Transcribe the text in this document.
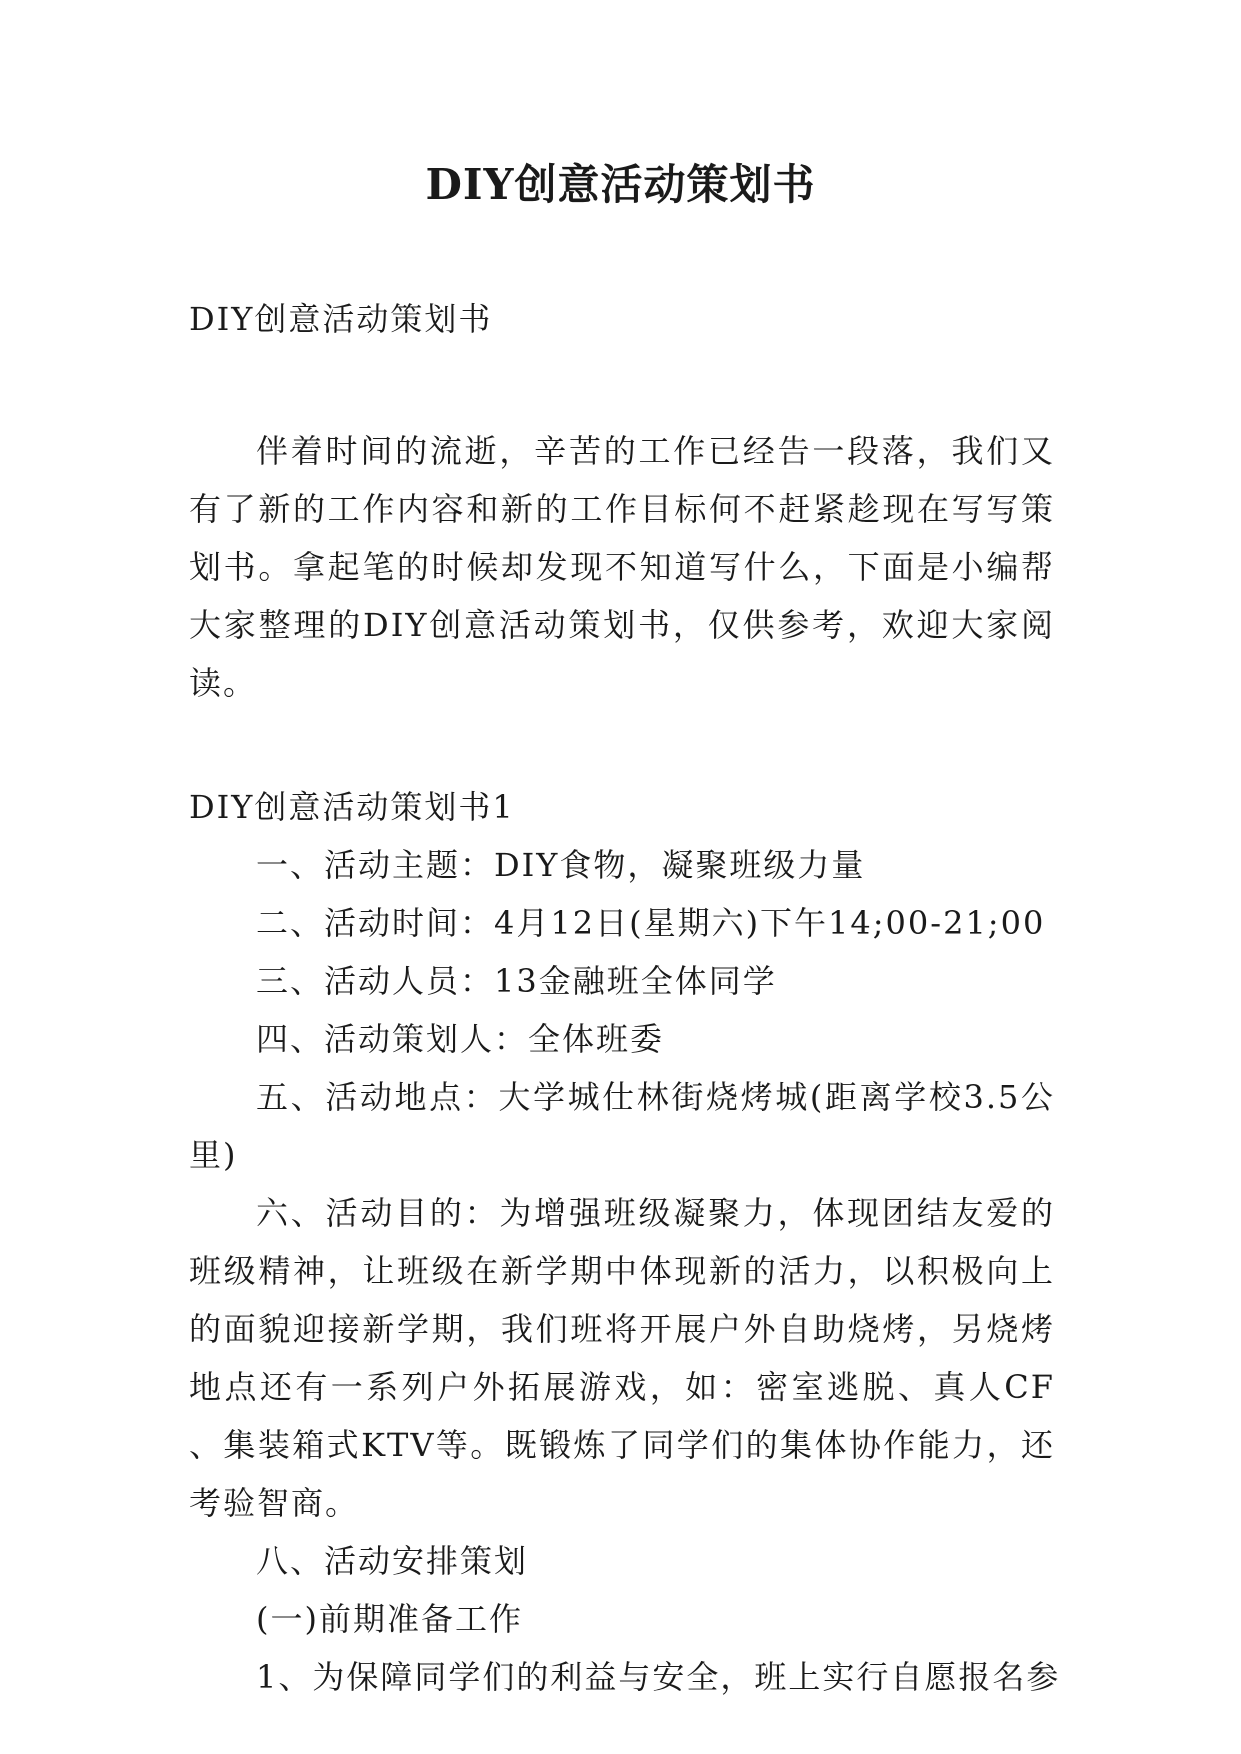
DIY创意活动策划书

DIY创意活动策划书

伴着时间的流逝，辛苦的工作已经告一段落，我们又有了新的工作内容和新的工作目标何不赶紧趁现在写写策划书。拿起笔的时候却发现不知道写什么，下面是小编帮大家整理的DIY创意活动策划书，仅供参考，欢迎大家阅读。

DIY创意活动策划书1

一、活动主题：DIY食物，凝聚班级力量

二、活动时间：4月12日(星期六)下午14;00-21;00

三、活动人员：13金融班全体同学

四、活动策划人：全体班委

五、活动地点：大学城仕林街烧烤城(距离学校3.5公里)

六、活动目的：为增强班级凝聚力，体现团结友爱的班级精神，让班级在新学期中体现新的活力，以积极向上的面貌迎接新学期，我们班将开展户外自助烧烤，另烧烤地点还有一系列户外拓展游戏，如：密室逃脱、真人CF 、集装箱式KTV等。既锻炼了同学们的集体协作能力，还考验智商。

八、活动安排策划

(一)前期准备工作

1、为保障同学们的利益与安全，班上实行自愿报名参
